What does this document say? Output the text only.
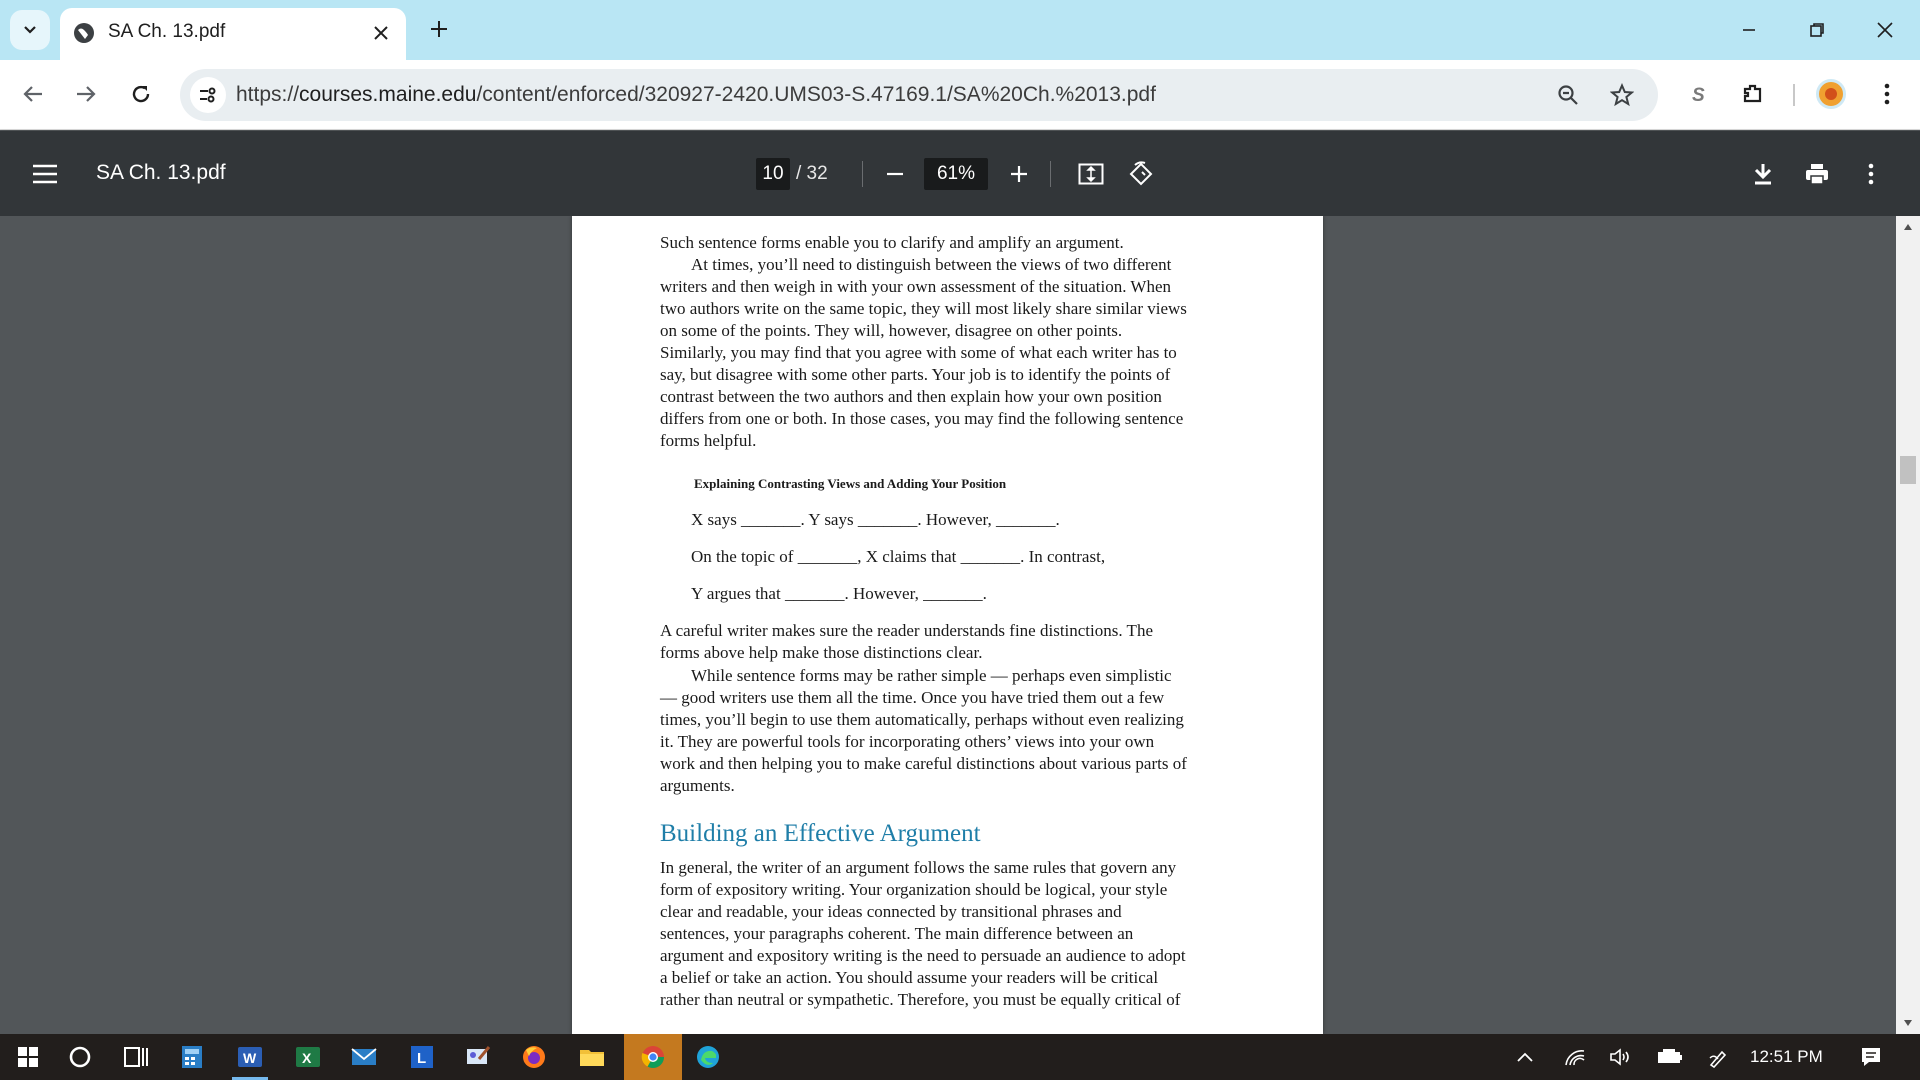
SA Ch. 13.pdf
https://courses.maine.edu/content/enforced/320927-2420.UMS03-S.47169.1/SA%20Ch.%2013.pdf	S
SA Ch. 13.pdf	10 / 32	61%
Such sentence forms enable you to clarify and amplify an argument.
At times, you’ll need to distinguish between the views of two different
writers and then weigh in with your own assessment of the situation. When
two authors write on the same topic, they will most likely share similar views
on some of the points. They will, however, disagree on other points.
Similarly, you may find that you agree with some of what each writer has to
say, but disagree with some other parts. Your job is to identify the points of
contrast between the two authors and then explain how your own position
differs from one or both. In those cases, you may find the following sentence
forms helpful.
Explaining Contrasting Views and Adding Your Position
X says _______. Y says _______. However, _______.
On the topic of _______, X claims that _______. In contrast,
Y argues that _______. However, _______.
A careful writer makes sure the reader understands fine distinctions. The
forms above help make those distinctions clear.
While sentence forms may be rather simple — perhaps even simplistic
— good writers use them all the time. Once you have tried them out a few
times, you’ll begin to use them automatically, perhaps without even realizing
it. They are powerful tools for incorporating others’ views into your own
work and then helping you to make careful distinctions about various parts of
arguments.
Building an Effective Argument
In general, the writer of an argument follows the same rules that govern any
form of expository writing. Your organization should be logical, your style
clear and readable, your ideas connected by transitional phrases and
sentences, your paragraphs coherent. The main difference between an
argument and expository writing is the need to persuade an audience to adopt
a belief or take an action. You should assume your readers will be critical
rather than neutral or sympathetic. Therefore, you must be equally critical of
W	X	L	12:51 PM
